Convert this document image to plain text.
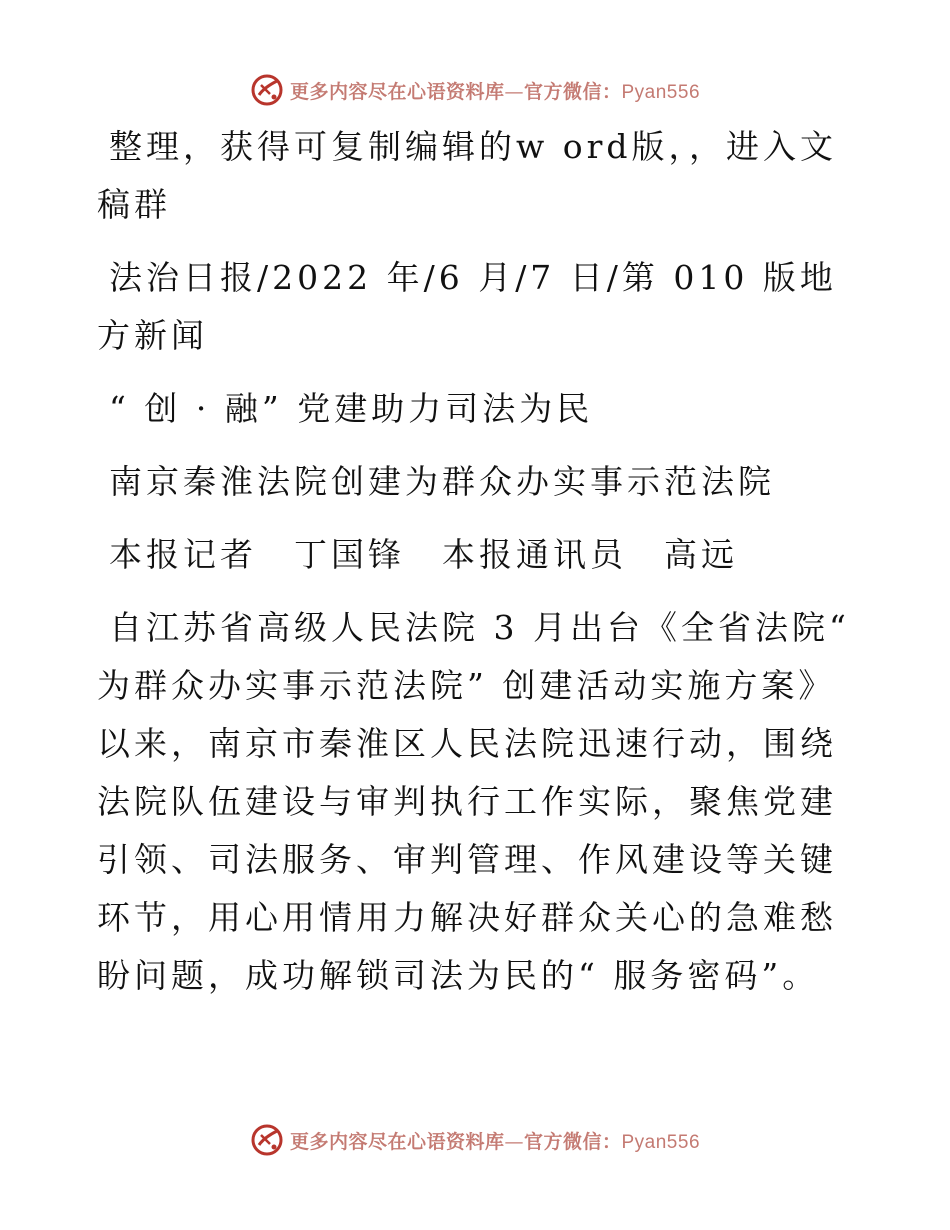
更多内容尽在心语资料库—官方微信：Pyan556

整理，获得可复制编辑的w ord版，，进入文稿群

法治日报/2022 年/6 月/7 日/第 010 版地方新闻

“ 创 · 融” 党建助力司法为民

南京秦淮法院创建为群众办实事示范法院

本报记者　丁国锋　本报通讯员　高远

自江苏省高级人民法院 3 月出台《全省法院“ 为群众办实事示范法院” 创建活动实施方案》以来，南京市秦淮区人民法院迅速行动，围绕法院队伍建设与审判执行工作实际，聚焦党建引领、司法服务、审判管理、作风建设等关键环节，用心用情用力解决好群众关心的急难愁盼问题，成功解锁司法为民的“ 服务密码”。

更多内容尽在心语资料库—官方微信：Pyan556
